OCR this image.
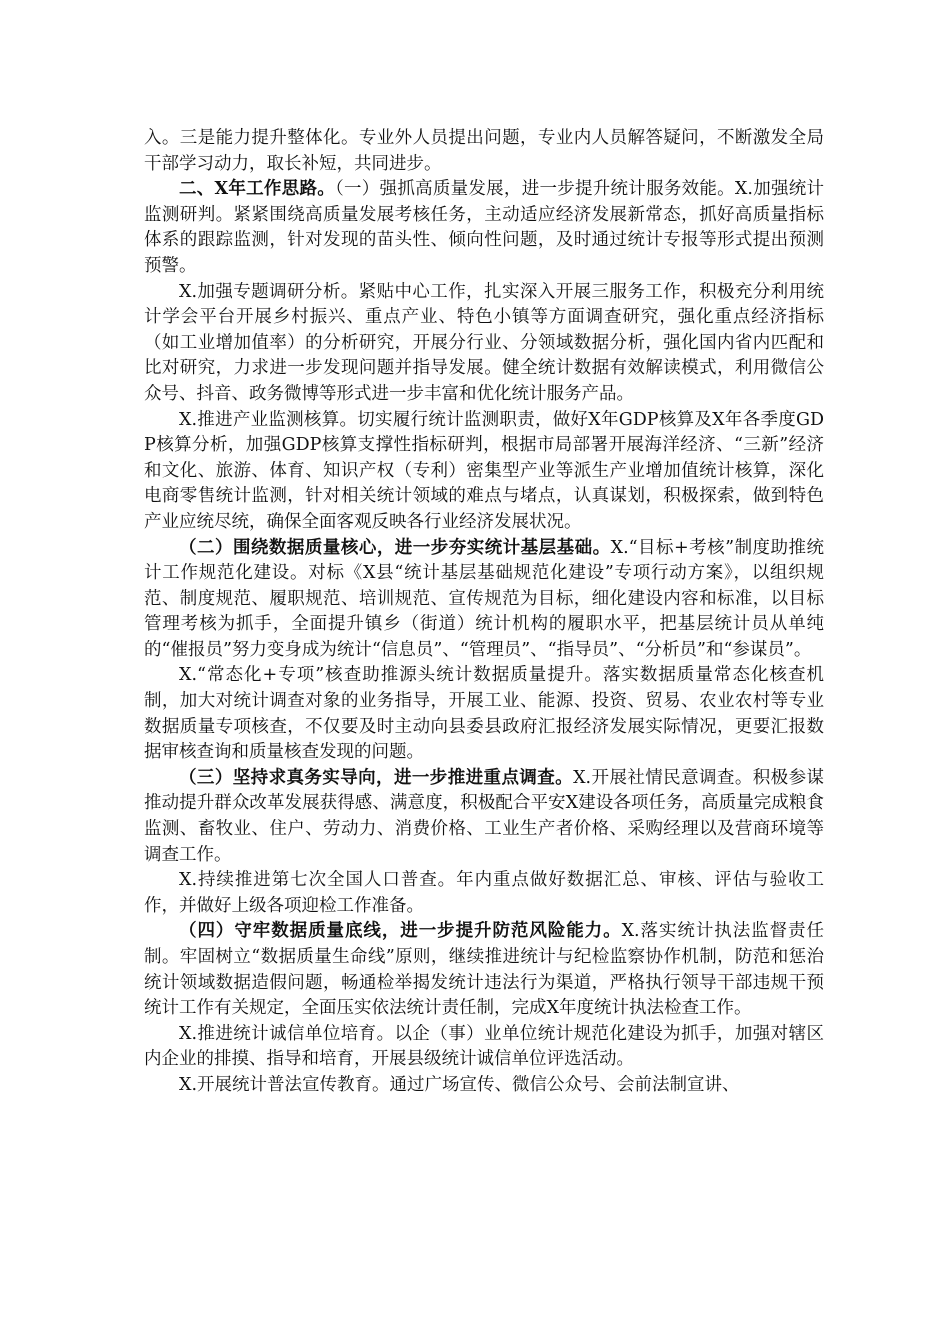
入。三是能力提升整体化。专业外人员提出问题，专业内人员解答疑问，不断激发全局干部学习动力，取长补短，共同进步。

二、X年工作思路。（一）强抓高质量发展，进一步提升统计服务效能。X.加强统计监测研判。紧紧围绕高质量发展考核任务，主动适应经济发展新常态，抓好高质量指标体系的跟踪监测，针对发现的苗头性、倾向性问题，及时通过统计专报等形式提出预测预警。

X.加强专题调研分析。紧贴中心工作，扎实深入开展三服务工作，积极充分利用统计学会平台开展乡村振兴、重点产业、特色小镇等方面调查研究，强化重点经济指标（如工业增加值率）的分析研究，开展分行业、分领域数据分析，强化国内省内匹配和比对研究，力求进一步发现问题并指导发展。健全统计数据有效解读模式，利用微信公众号、抖音、政务微博等形式进一步丰富和优化统计服务产品。

X.推进产业监测核算。切实履行统计监测职责，做好X年GDP核算及X年各季度GDP核算分析，加强GDP核算支撑性指标研判，根据市局部署开展海洋经济、“三新”经济和文化、旅游、体育、知识产权（专利）密集型产业等派生产业增加值统计核算，深化电商零售统计监测，针对相关统计领域的难点与堵点，认真谋划，积极探索，做到特色产业应统尽统，确保全面客观反映各行业经济发展状况。

（二）围绕数据质量核心，进一步夯实统计基层基础。X.“目标+考核”制度助推统计工作规范化建设。对标《X县“统计基层基础规范化建设”专项行动方案》，以组织规范、制度规范、履职规范、培训规范、宣传规范为目标，细化建设内容和标准，以目标管理考核为抓手，全面提升镇乡（街道）统计机构的履职水平，把基层统计员从单纯的“催报员”努力变身成为统计“信息员”、“管理员”、“指导员”、“分析员”和“参谋员”。

X.“常态化+专项”核查助推源头统计数据质量提升。落实数据质量常态化核查机制，加大对统计调查对象的业务指导，开展工业、能源、投资、贸易、农业农村等专业数据质量专项核查，不仅要及时主动向县委县政府汇报经济发展实际情况，更要汇报数据审核查询和质量核查发现的问题。

（三）坚持求真务实导向，进一步推进重点调查。X.开展社情民意调查。积极参谋推动提升群众改革发展获得感、满意度，积极配合平安X建设各项任务，高质量完成粮食监测、畜牧业、住户、劳动力、消费价格、工业生产者价格、采购经理以及营商环境等调查工作。

X.持续推进第七次全国人口普查。年内重点做好数据汇总、审核、评估与验收工作，并做好上级各项迎检工作准备。

（四）守牢数据质量底线，进一步提升防范风险能力。X.落实统计执法监督责任制。牢固树立“数据质量生命线”原则，继续推进统计与纪检监察协作机制，防范和惩治统计领域数据造假问题，畅通检举揭发统计违法行为渠道，严格执行领导干部违规干预统计工作有关规定，全面压实依法统计责任制，完成X年度统计执法检查工作。

X.推进统计诚信单位培育。以企（事）业单位统计规范化建设为抓手，加强对辖区内企业的排摸、指导和培育，开展县级统计诚信单位评选活动。

X.开展统计普法宣传教育。通过广场宣传、微信公众号、会前法制宣讲、
